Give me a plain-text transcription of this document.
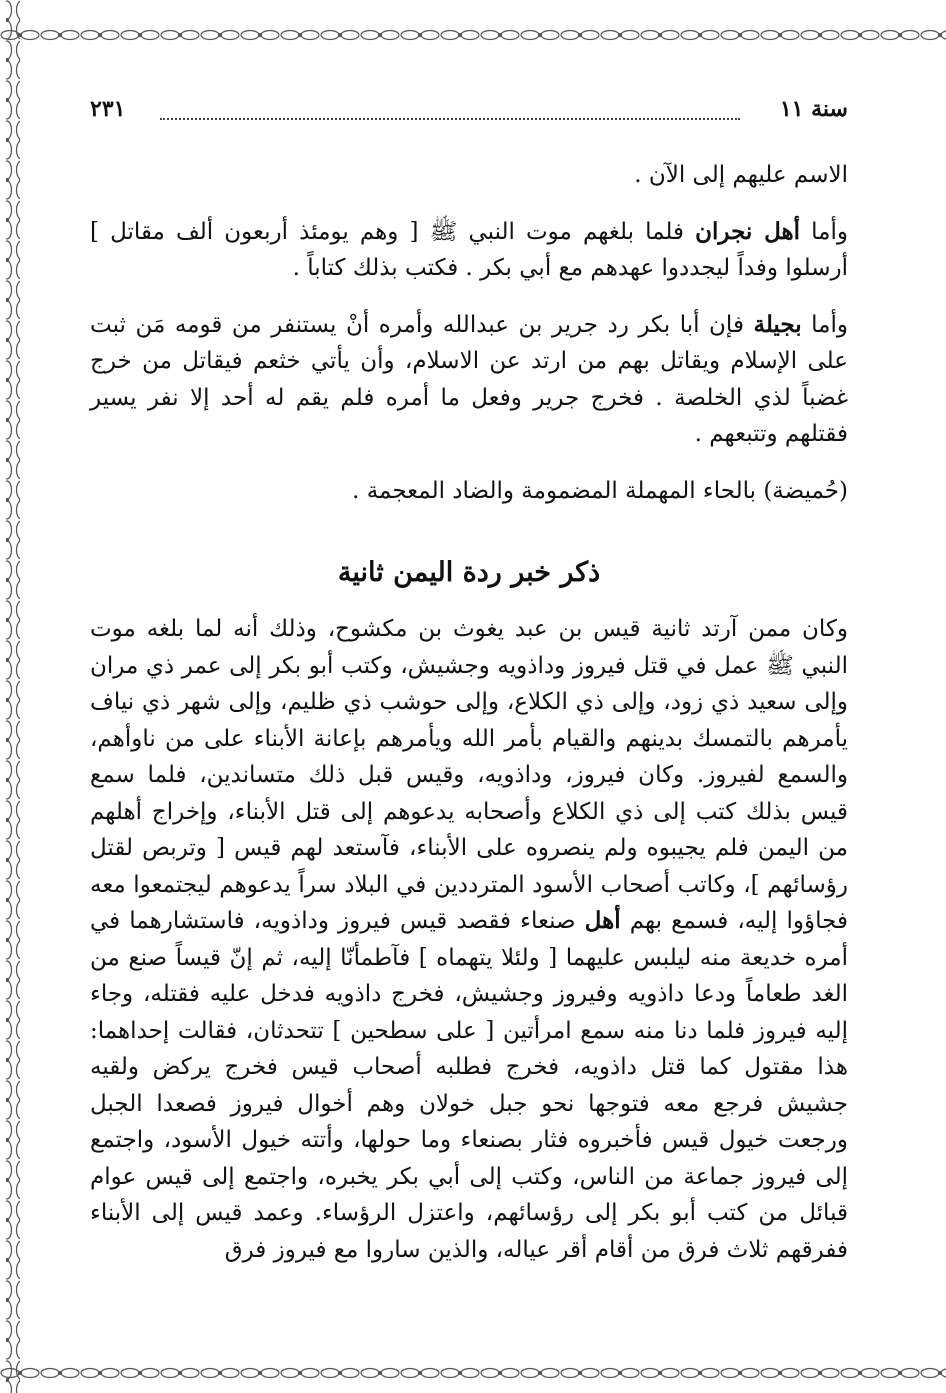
سنة ١١
٢٣١

الاسم عليهم إلى الآن .

وأما أهل نجران فلما بلغهم موت النبي ﷺ [ وهم يومئذ أربعون ألف مقاتل ] أرسلوا وفداً ليجددوا عهدهم مع أبي بكر . فكتب بذلك كتاباً .

وأما بجيلة فإن أبا بكر رد جرير بن عبدالله وأمره أنْ يستنفر من قومه مَن ثبت على الإسلام ويقاتل بهم من ارتد عن الاسلام، وأن يأتي خثعم فيقاتل من خرج غضباً لذي الخلصة . فخرج جرير وفعل ما أمره فلم يقم له أحد إلا نفر يسير فقتلهم وتتبعهم .

(حُميضة) بالحاء المهملة المضمومة والضاد المعجمة .

ذكر خبر ردة اليمن ثانية

وكان ممن آرتد ثانية قيس بن عبد يغوث بن مكشوح، وذلك أنه لما بلغه موت النبي ﷺ عمل في قتل فيروز وداذويه وجشيش، وكتب أبو بكر إلى عمر ذي مران وإلى سعيد ذي زود، وإلى ذي الكلاع، وإلى حوشب ذي ظليم، وإلى شهر ذي نياف يأمرهم بالتمسك بدينهم والقيام بأمر الله ويأمرهم بإعانة الأبناء على من ناوأهم، والسمع لفيروز. وكان فيروز، وداذويه، وقيس قبل ذلك متساندين، فلما سمع قيس بذلك كتب إلى ذي الكلاع وأصحابه يدعوهم إلى قتل الأبناء، وإخراج أهلهم من اليمن فلم يجيبوه ولم ينصروه على الأبناء، فآستعد لهم قيس [ وتربص لقتل رؤسائهم ]، وكاتب أصحاب الأسود المترددين في البلاد سراً يدعوهم ليجتمعوا معه فجاؤوا إليه، فسمع بهم أهل صنعاء فقصد قيس فيروز وداذويه، فاستشارهما في أمره خديعة منه ليلبس عليهما [ ولئلا يتهماه ] فآطمأنّا إليه، ثم إنّ قيساً صنع من الغد طعاماً ودعا داذويه وفيروز وجشيش، فخرج داذويه فدخل عليه فقتله، وجاء إليه فيروز فلما دنا منه سمع امرأتين [ على سطحين ] تتحدثان، فقالت إحداهما: هذا مقتول كما قتل داذويه، فخرج فطلبه أصحاب قيس فخرج يركض ولقيه جشيش فرجع معه فتوجها نحو جبل خولان وهم أخوال فيروز فصعدا الجبل ورجعت خيول قيس فأخبروه فثار بصنعاء وما حولها، وأتته خيول الأسود، واجتمع إلى فيروز جماعة من الناس، وكتب إلى أبي بكر يخبره، واجتمع إلى قيس عوام قبائل من كتب أبو بكر إلى رؤسائهم، واعتزل الرؤساء. وعمد قيس إلى الأبناء ففرقهم ثلاث فرق من أقام أقر عياله، والذين ساروا مع فيروز فرق
